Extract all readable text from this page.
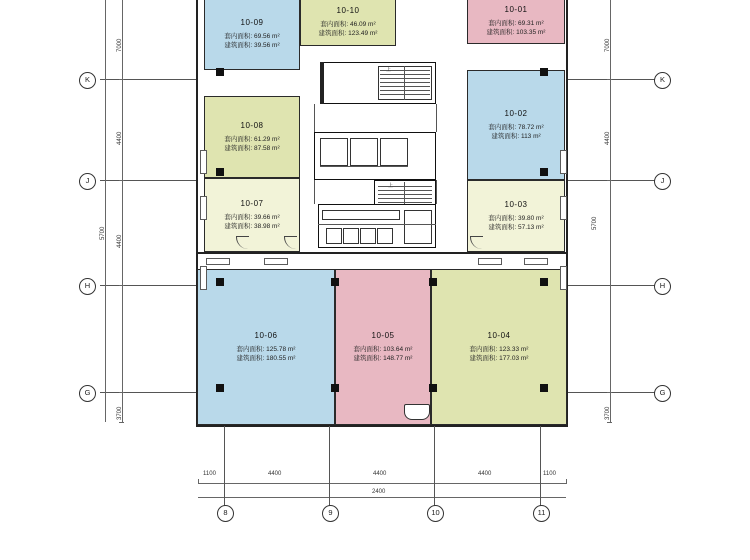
10-09
套内面积: 69.56 m²
建筑面积: 39.56 m²
10-10
套内面积: 46.09 m²
建筑面积: 123.49 m²
10-01
套内面积: 69.31 m²
建筑面积: 103.35 m²
10-08
套内面积: 61.29 m²
建筑面积: 87.58 m²
10-07
套内面积: 39.66 m²
建筑面积: 38.98 m²
10-02
套内面积: 78.72 m²
建筑面积: 113 m²
10-03
套内面积: 39.80 m²
建筑面积: 57.13 m²
10-06
套内面积: 125.78 m²
建筑面积: 180.55 m²
10-05
套内面积: 103.64 m²
建筑面积: 148.77 m²
10-04
套内面积: 123.33 m²
建筑面积: 177.03 m²
上
上
K
J
H
G
7000
4400
4400
3700
5700
K
J
H
G
7000
4400
3700
5700
1100	4400	4400	4400	1100
2400
8	9	10	11
